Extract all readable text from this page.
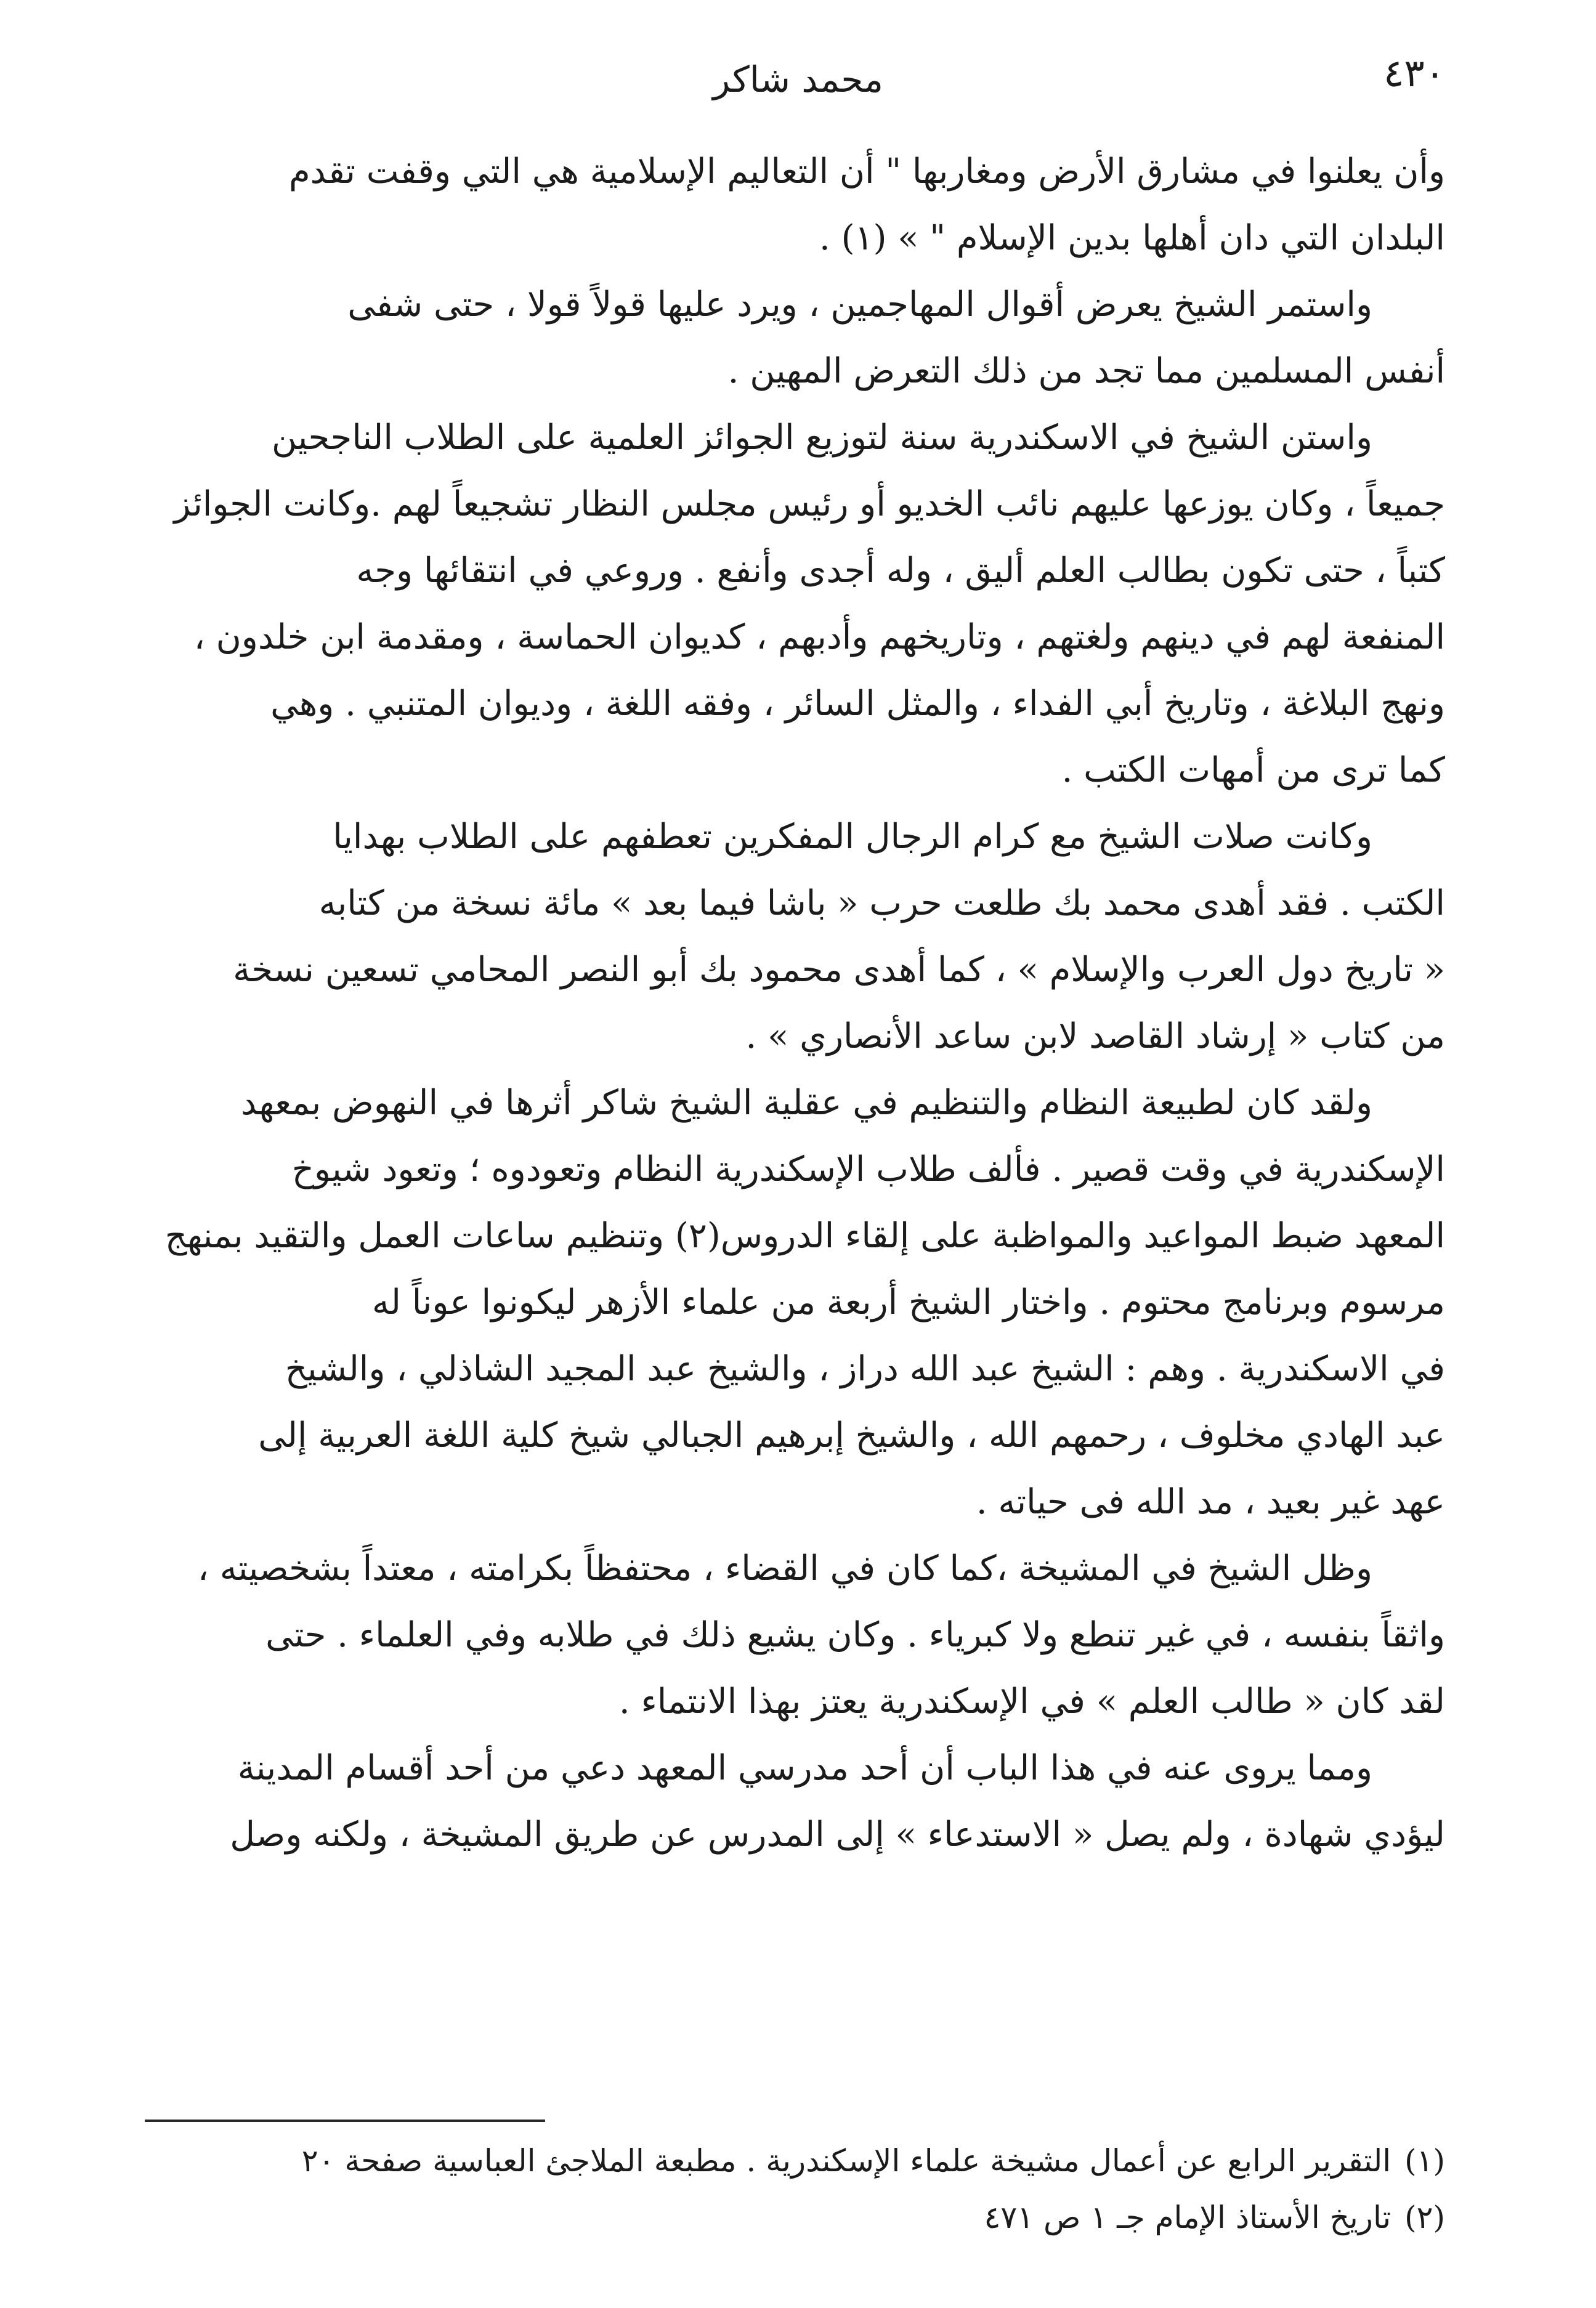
محمد شاكر	٤٣٠

وأن يعلنوا في مشارق الأرض ومغاربها " أن التعاليم الإسلامية هي التي وقفت تقدم
البلدان التي دان أهلها بدين الإسلام " » (١) .

واستمر الشيخ يعرض أقوال المهاجمين ، ويرد عليها قولاً قولا ، حتى شفى
أنفس المسلمين مما تجد من ذلك التعرض المهين .

واستن الشيخ في الاسكندرية سنة لتوزيع الجوائز العلمية على الطلاب الناجحين
جميعاً ، وكان يوزعها عليهم نائب الخديو أو رئيس مجلس النظار تشجيعاً لهم .وكانت الجوائز
كتباً ، حتى تكون بطالب العلم أليق ، وله أجدى وأنفع . وروعي في انتقائها وجه
المنفعة لهم في دينهم ولغتهم ، وتاريخهم وأدبهم ، كديوان الحماسة ، ومقدمة ابن خلدون ،
ونهج البلاغة ، وتاريخ أبي الفداء ، والمثل السائر ، وفقه اللغة ، وديوان المتنبي . وهي
كما ترى من أمهات الكتب .

وكانت صلات الشيخ مع كرام الرجال المفكرين تعطفهم على الطلاب بهدايا
الكتب . فقد أهدى محمد بك طلعت حرب « باشا فيما بعد » مائة نسخة من كتابه
« تاريخ دول العرب والإسلام » ، كما أهدى محمود بك أبو النصر المحامي تسعين نسخة
من كتاب « إرشاد القاصد لابن ساعد الأنصاري » .

ولقد كان لطبيعة النظام والتنظيم في عقلية الشيخ شاكر أثرها في النهوض بمعهد
الإسكندرية في وقت قصير . فألف طلاب الإسكندرية النظام وتعودوه ؛ وتعود شيوخ
المعهد ضبط المواعيد والمواظبة على إلقاء الدروس(٢) وتنظيم ساعات العمل والتقيد بمنهج
مرسوم وبرنامج محتوم . واختار الشيخ أربعة من علماء الأزهر ليكونوا عوناً له
في الاسكندرية . وهم : الشيخ عبد الله دراز ، والشيخ عبد المجيد الشاذلي ، والشيخ
عبد الهادي مخلوف ، رحمهم الله ، والشيخ إبرهيم الجبالي شيخ كلية اللغة العربية إلى
عهد غير بعيد ، مد الله فى حياته .

وظل الشيخ في المشيخة ،كما كان في القضاء ، محتفظاً بكرامته ، معتداً بشخصيته ،
واثقاً بنفسه ، في غير تنطع ولا كبرياء . وكان يشيع ذلك في طلابه وفي العلماء . حتى
لقد كان « طالب العلم » في الإسكندرية يعتز بهذا الانتماء .

ومما يروى عنه في هذا الباب أن أحد مدرسي المعهد دعي من أحد أقسام المدينة
ليؤدي شهادة ، ولم يصل « الاستدعاء » إلى المدرس عن طريق المشيخة ، ولكنه وصل

(١)التقرير الرابع عن أعمال مشيخة علماء الإسكندرية . مطبعة الملاجئ العباسية صفحة ٢٠
(٢)تاريخ الأستاذ الإمام جـ ١ ص ٤٧١
